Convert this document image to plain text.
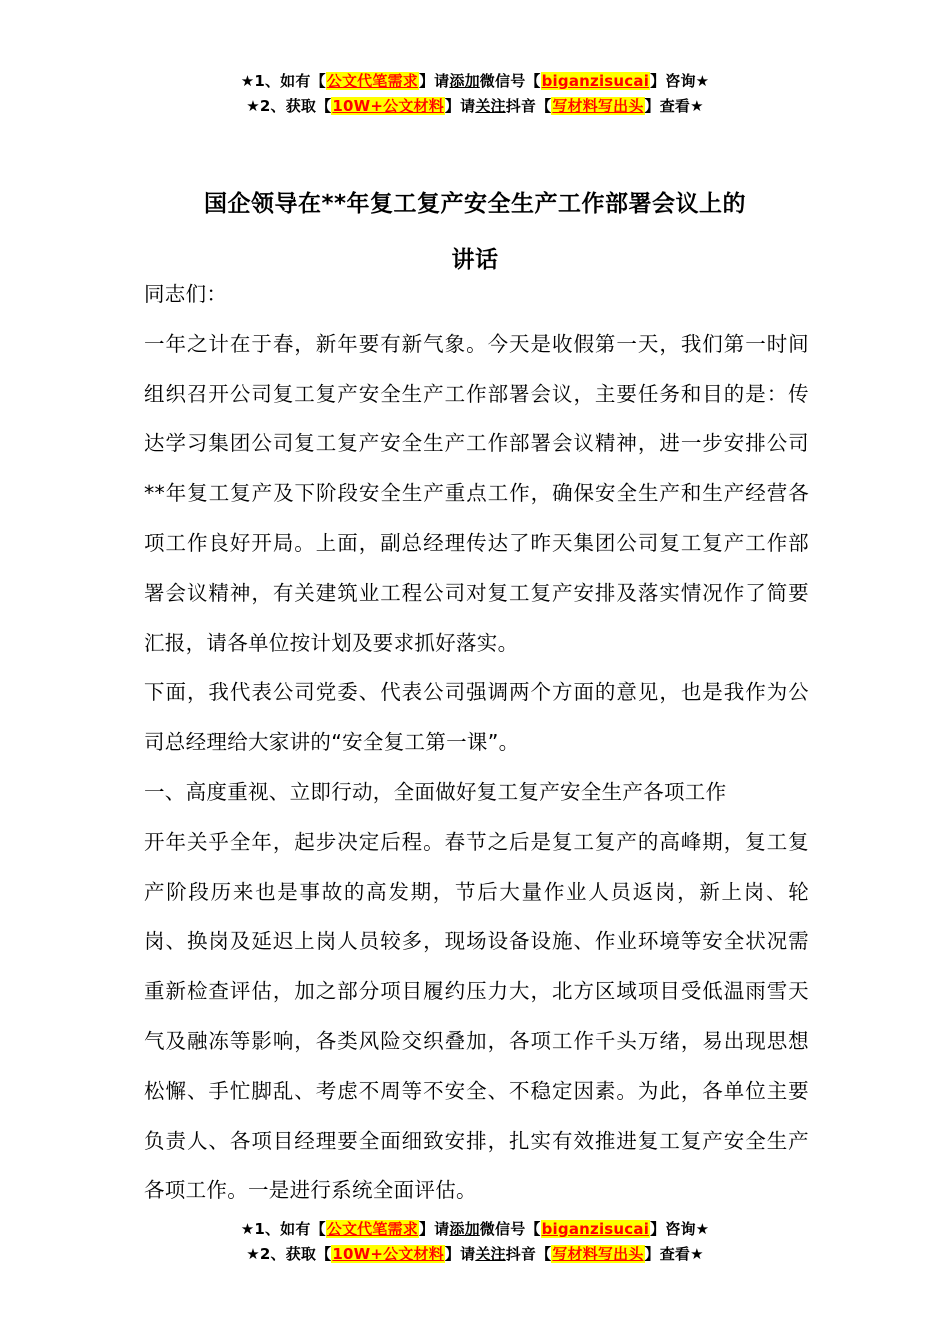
★1、如有【公文代笔需求】请添加微信号【biganzisucai】咨询★
★2、获取【10W+公文材料】请关注抖音【写材料写出头】查看★
国企领导在**年复工复产安全生产工作部署会议上的
讲话

同志们：

一年之计在于春，新年要有新气象。今天是收假第一天，我们第一时间组织召开公司复工复产安全生产工作部署会议，主要任务和目的是：传达学习集团公司复工复产安全生产工作部署会议精神，进一步安排公司**年复工复产及下阶段安全生产重点工作，确保安全生产和生产经营各项工作良好开局。上面，副总经理传达了昨天集团公司复工复产工作部署会议精神，有关建筑业工程公司对复工复产安排及落实情况作了简要汇报，请各单位按计划及要求抓好落实。

下面，我代表公司党委、代表公司强调两个方面的意见，也是我作为公司总经理给大家讲的“安全复工第一课”。

一、高度重视、立即行动，全面做好复工复产安全生产各项工作

开年关乎全年，起步决定后程。春节之后是复工复产的高峰期，复工复产阶段历来也是事故的高发期，节后大量作业人员返岗，新上岗、轮岗、换岗及延迟上岗人员较多，现场设备设施、作业环境等安全状况需重新检查评估，加之部分项目履约压力大，北方区域项目受低温雨雪天气及融冻等影响，各类风险交织叠加，各项工作千头万绪，易出现思想松懈、手忙脚乱、考虑不周等不安全、不稳定因素。为此，各单位主要负责人、各项目经理要全面细致安排，扎实有效推进复工复产安全生产各项工作。一是进行系统全面评估。

★1、如有【公文代笔需求】请添加微信号【biganzisucai】咨询★
★2、获取【10W+公文材料】请关注抖音【写材料写出头】查看★
